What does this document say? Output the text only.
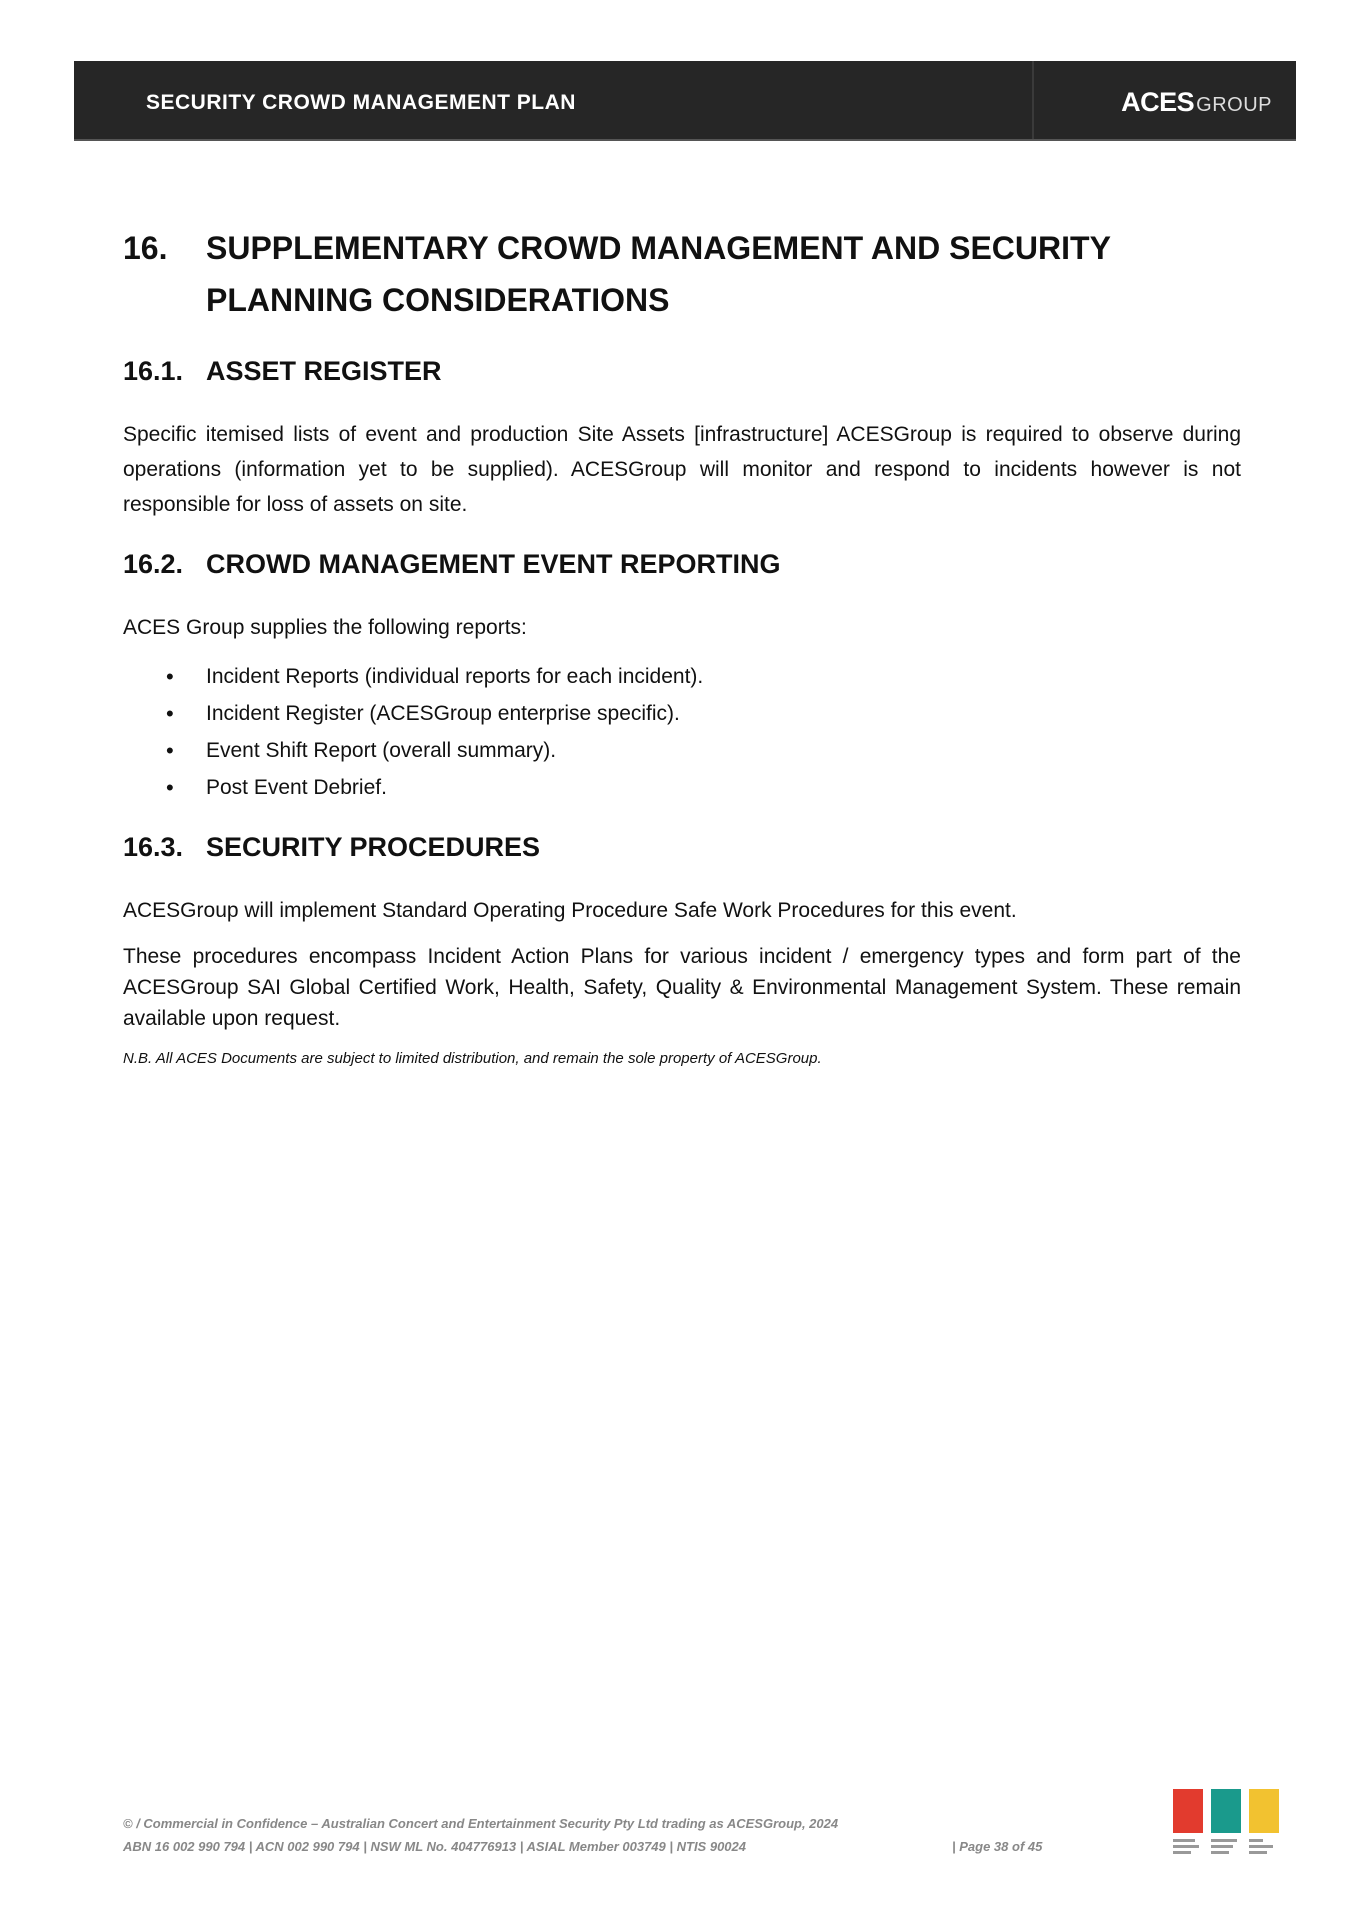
SECURITY CROWD MANAGEMENT PLAN	ACES GROUP
16. SUPPLEMENTARY CROWD MANAGEMENT AND SECURITY
PLANNING CONSIDERATIONS
16.1. ASSET REGISTER

Specific itemised lists of event and production Site Assets [infrastructure] ACESGroup is required to observe during operations (information yet to be supplied). ACESGroup will monitor and respond to incidents however is not responsible for loss of assets on site.

16.2. CROWD MANAGEMENT EVENT REPORTING

ACES Group supplies the following reports:

• Incident Reports (individual reports for each incident).
• Incident Register (ACESGroup enterprise specific).
• Event Shift Report (overall summary).
• Post Event Debrief.
16.3. SECURITY PROCEDURES

ACESGroup will implement Standard Operating Procedure Safe Work Procedures for this event.

These procedures encompass Incident Action Plans for various incident / emergency types and form part of the ACESGroup SAI Global Certified Work, Health, Safety, Quality & Environmental Management System. These remain available upon request.

N.B. All ACES Documents are subject to limited distribution, and remain the sole property of ACESGroup.
© / Commercial in Confidence – Australian Concert and Entertainment Security Pty Ltd trading as ACESGroup, 2024
ABN 16 002 990 794 | ACN 002 990 794 | NSW ML No. 404776913 | ASIAL Member 003749 | NTIS 90024	| Page 38 of 45
